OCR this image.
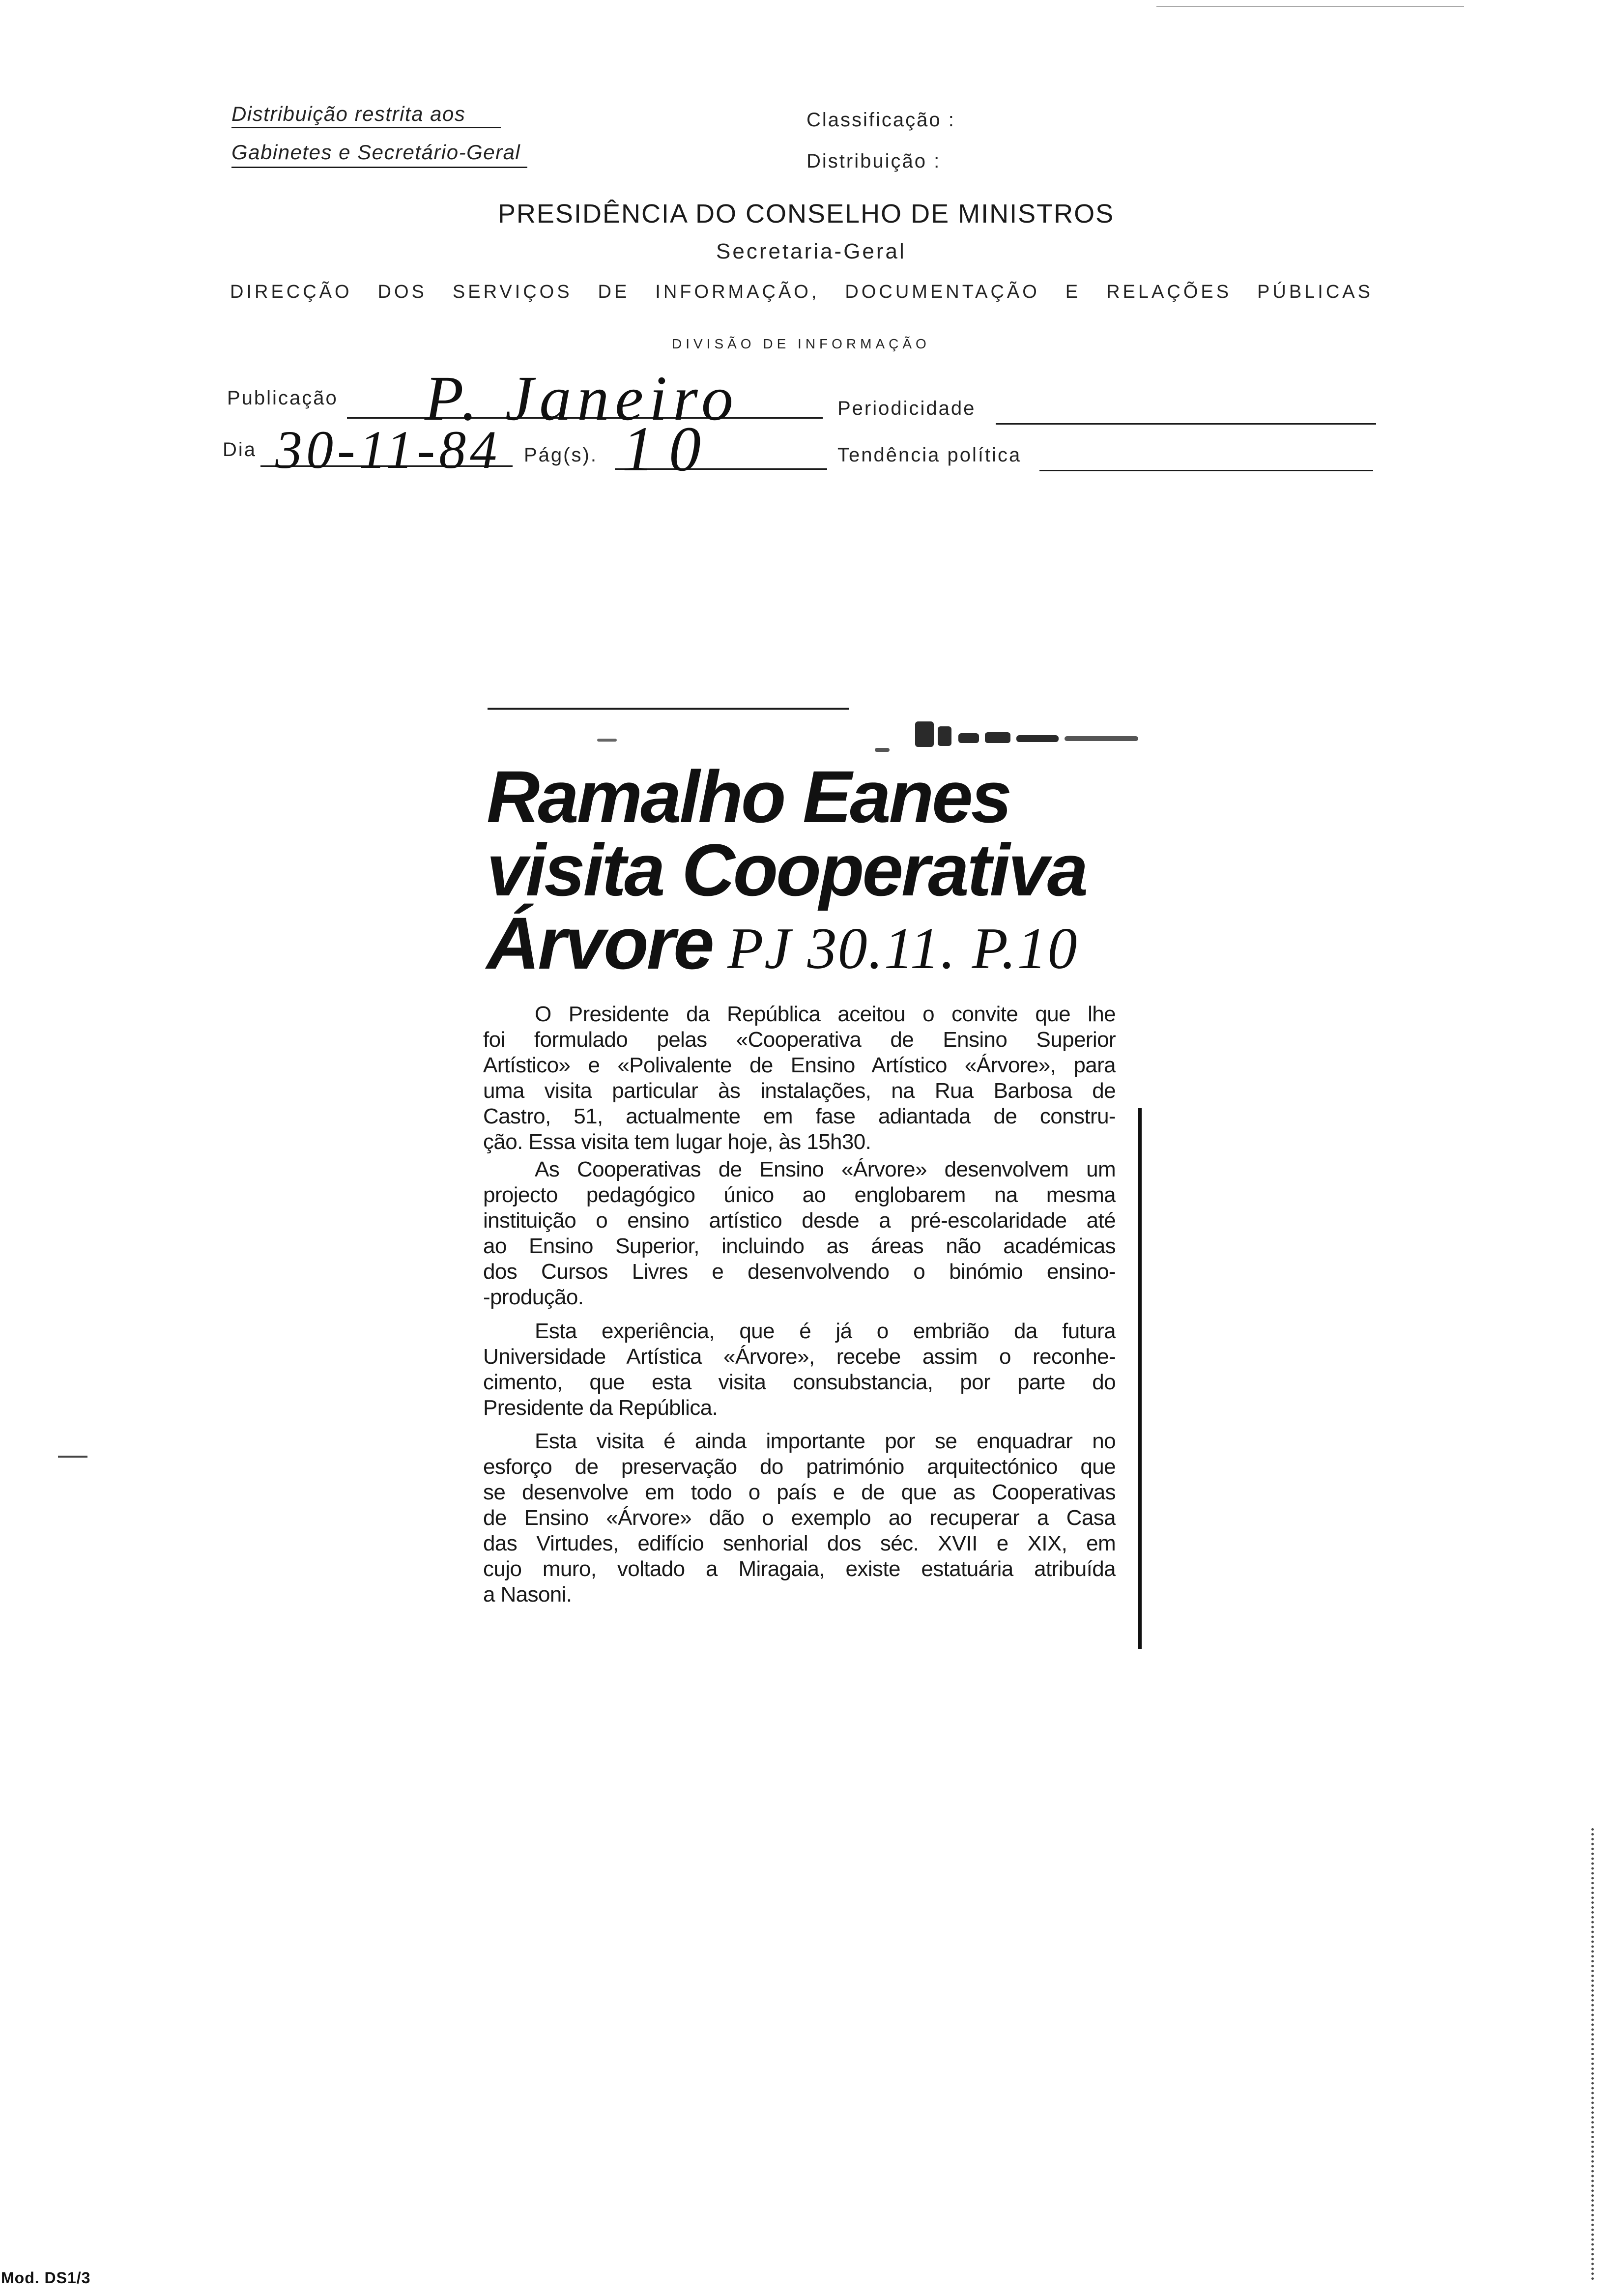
Distribuição restrita aos
Gabinetes e Secretário-Geral
Classificação :
Distribuição :
PRESIDÊNCIA DO CONSELHO DE MINISTROS
Secretaria-Geral
DIRECÇÃO DOS SERVIÇOS DE INFORMAÇÃO, DOCUMENTAÇÃO E RELAÇÕES PÚBLICAS
DIVISÃO DE INFORMAÇÃO
Publicação P. Janeiro	Periodicidade
Dia 30-11-84 Pág(s). 10	Tendência política
Ramalho Eanes
visita Cooperativa
Árvore PJ 30.11. P.10
O Presidente da República aceitou o convite que lhe
foi formulado pelas «Cooperativa de Ensino Superior
Artístico» e «Polivalente de Ensino Artístico «Árvore», para
uma visita particular às instalações, na Rua Barbosa de
Castro, 51, actualmente em fase adiantada de constru-
ção. Essa visita tem lugar hoje, às 15h30.
As Cooperativas de Ensino «Árvore» desenvolvem um
projecto pedagógico único ao englobarem na mesma
instituição o ensino artístico desde a pré-escolaridade até
ao Ensino Superior, incluindo as áreas não académicas
dos Cursos Livres e desenvolvendo o binómio ensino-
-produção.
Esta experiência, que é já o embrião da futura
Universidade Artística «Árvore», recebe assim o reconhe-
cimento, que esta visita consubstancia, por parte do
Presidente da República.
Esta visita é ainda importante por se enquadrar no
esforço de preservação do património arquitectónico que
se desenvolve em todo o país e de que as Cooperativas
de Ensino «Árvore» dão o exemplo ao recuperar a Casa
das Virtudes, edifício senhorial dos séc. XVII e XIX, em
cujo muro, voltado a Miragaia, existe estatuária atribuída
a Nasoni.
Mod. DS1/3
